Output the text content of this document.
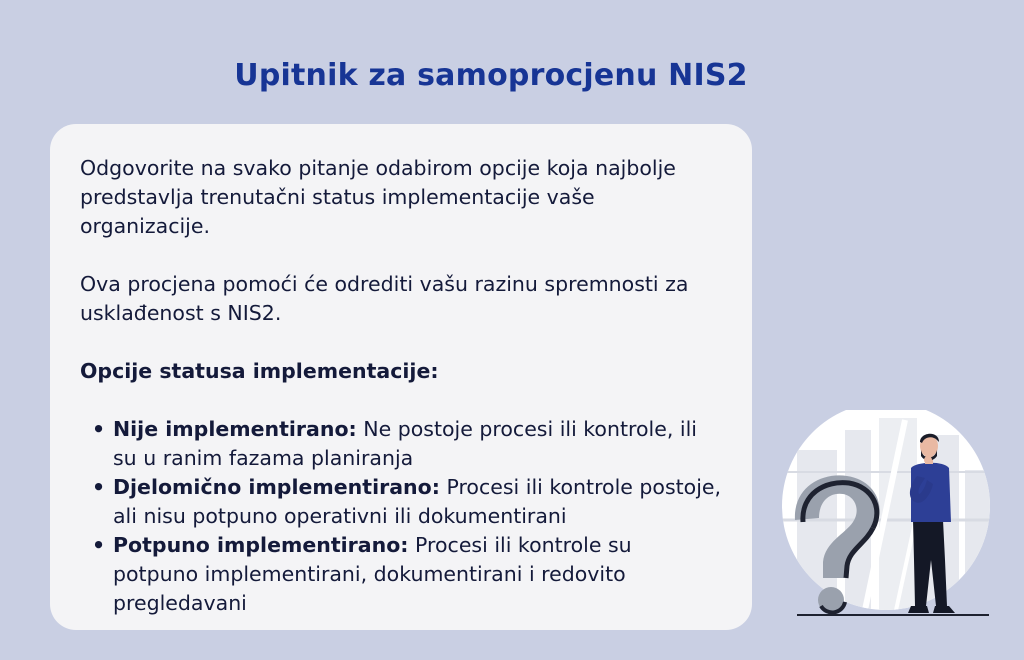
Upitnik za samoprocjenu NIS2

Odgovorite na svako pitanje odabirom opcije koja najbolje predstavlja trenutačni status implementacije vaše organizacije.

Ova procjena pomoći će odrediti vašu razinu spremnosti za usklađenost s NIS2.

Opcije statusa implementacije:

• Nije implementirano: Ne postoje procesi ili kontrole, ili su u ranim fazama planiranja
• Djelomično implementirano: Procesi ili kontrole postoje, ali nisu potpuno operativni ili dokumentirani
• Potpuno implementirano: Procesi ili kontrole su potpuno implementirani, dokumentirani i redovito pregledavani
